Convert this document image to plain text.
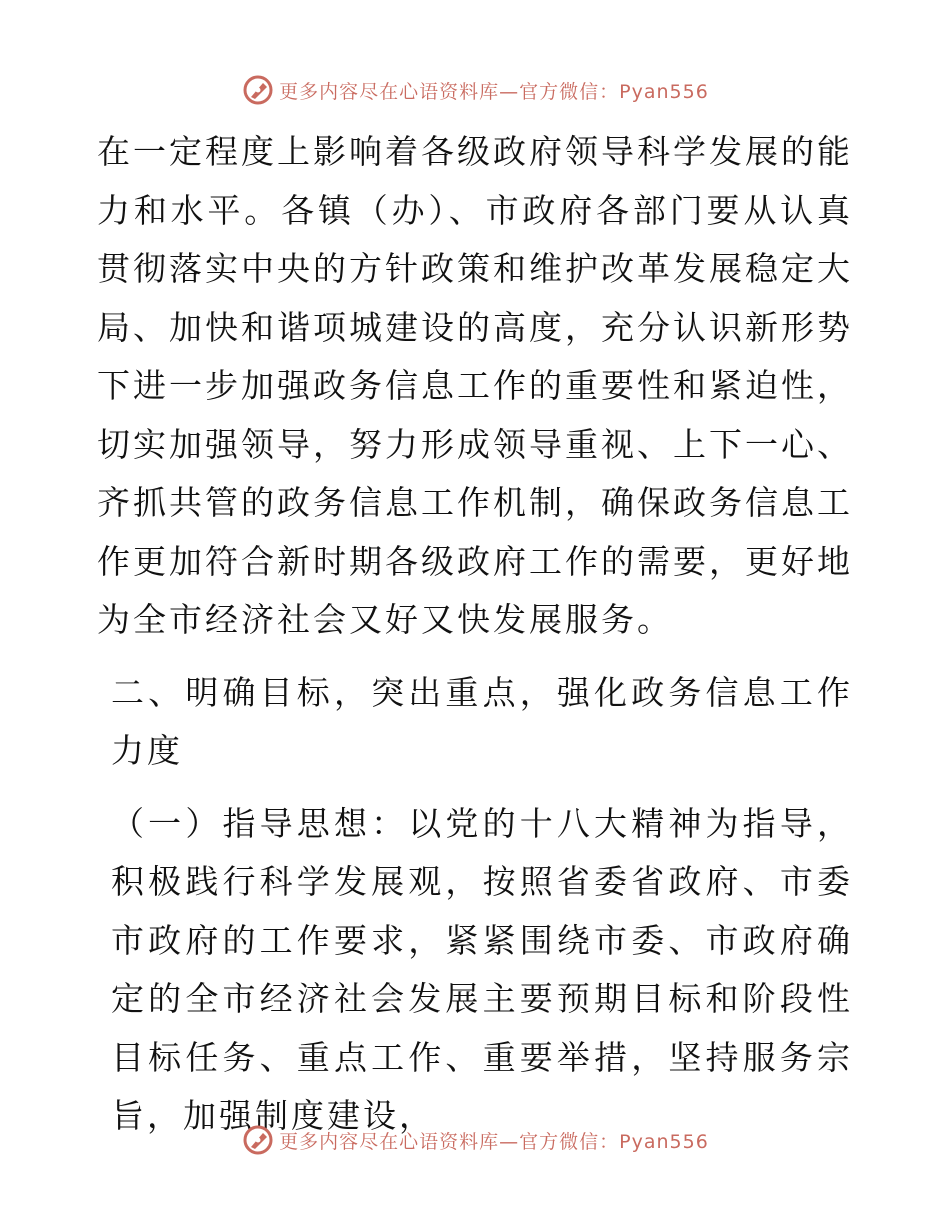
更多内容尽在心语资料库—官方微信：Pyan556

在一定程度上影响着各级政府领导科学发展的能力和水平。各镇（办）、市政府各部门要从认真贯彻落实中央的方针政策和维护改革发展稳定大局、加快和谐项城建设的高度，充分认识新形势下进一步加强政务信息工作的重要性和紧迫性，切实加强领导，努力形成领导重视、上下一心、齐抓共管的政务信息工作机制，确保政务信息工作更加符合新时期各级政府工作的需要，更好地为全市经济社会又好又快发展服务。

二、明确目标，突出重点，强化政务信息工作力度

（一）指导思想：以党的十八大精神为指导，积极践行科学发展观，按照省委省政府、市委市政府的工作要求，紧紧围绕市委、市政府确定的全市经济社会发展主要预期目标和阶段性目标任务、重点工作、重要举措，坚持服务宗旨，加强制度建设，

更多内容尽在心语资料库—官方微信：Pyan556
